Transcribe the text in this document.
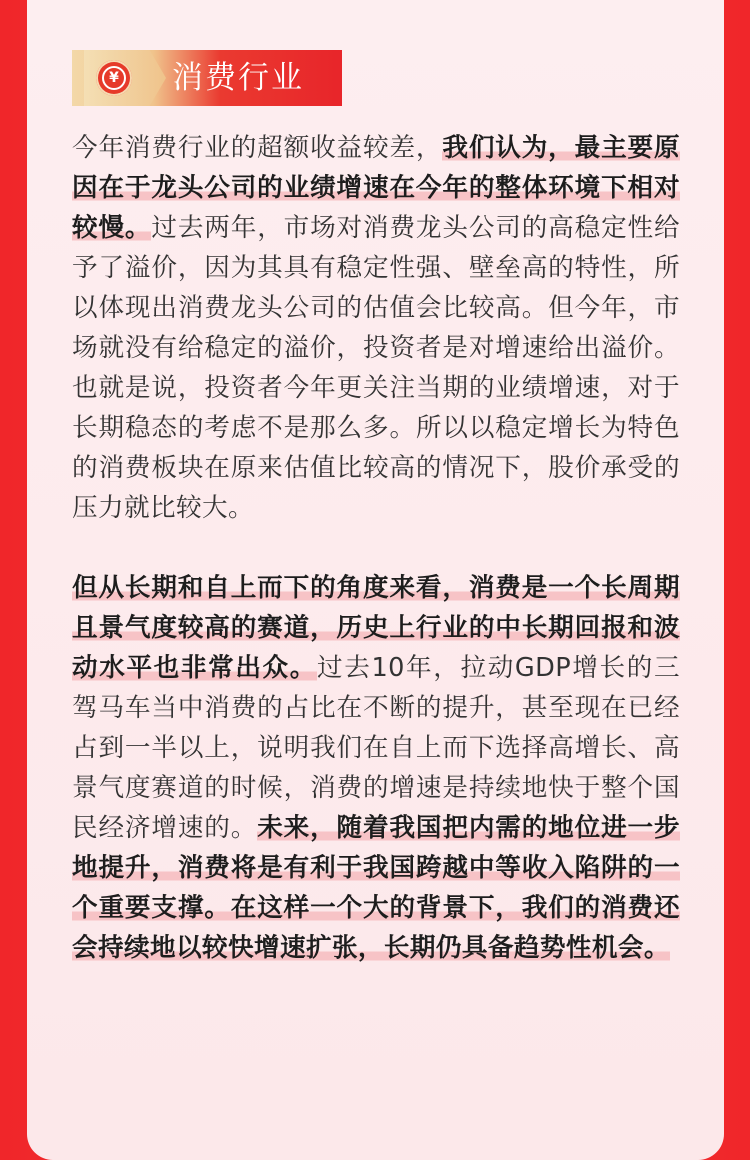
¥ 消费行业

今年消费行业的超额收益较差，我们认为，最主要原因在于龙头公司的业绩增速在今年的整体环境下相对较慢。过去两年，市场对消费龙头公司的高稳定性给予了溢价，因为其具有稳定性强、壁垒高的特性，所以体现出消费龙头公司的估值会比较高。但今年，市场就没有给稳定的溢价，投资者是对增速给出溢价。也就是说，投资者今年更关注当期的业绩增速，对于长期稳态的考虑不是那么多。所以以稳定增长为特色的消费板块在原来估值比较高的情况下，股价承受的压力就比较大。

但从长期和自上而下的角度来看，消费是一个长周期且景气度较高的赛道，历史上行业的中长期回报和波动水平也非常出众。过去10年，拉动GDP增长的三驾马车当中消费的占比在不断的提升，甚至现在已经占到一半以上，说明我们在自上而下选择高增长、高景气度赛道的时候，消费的增速是持续地快于整个国民经济增速的。未来，随着我国把内需的地位进一步地提升，消费将是有利于我国跨越中等收入陷阱的一个重要支撑。在这样一个大的背景下，我们的消费还会持续地以较快增速扩张，长期仍具备趋势性机会。
